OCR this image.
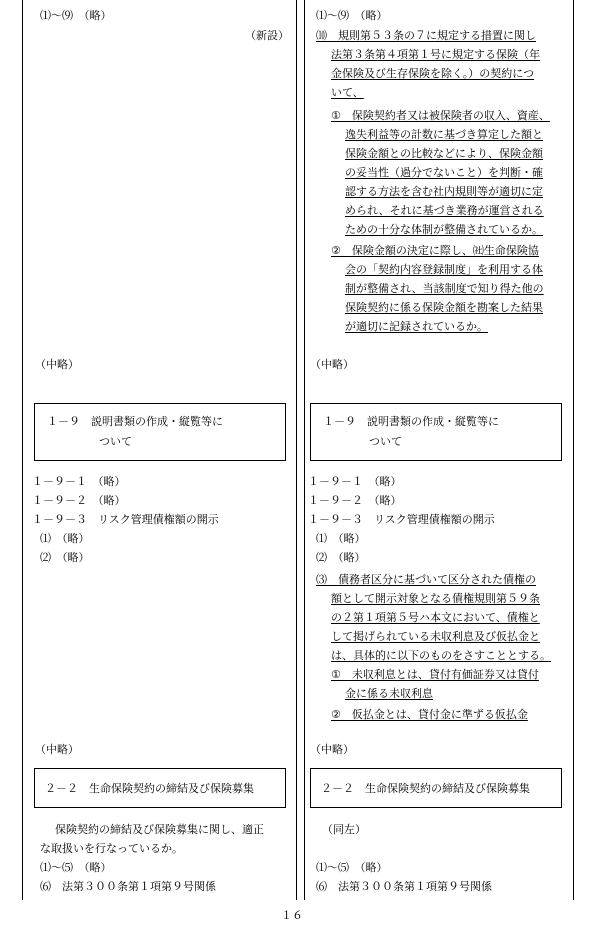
⑴～⑼　（略）
（新設）
（中略）
１－９　説明書類の作成・縦覧等に
ついて
１－９－１　（略）
１－９－２　（略）
１－９－３　リスク管理債権額の開示
⑴　（略）
⑵　（略）
（中略）
２－２　生命保険契約の締結及び保険募集
保険契約の締結及び保険募集に関し、適正
な取扱いを行なっているか。
⑴～⑸　（略）
⑹　法第３００条第１項第９号関係
⑴～⑼　（略）
⑽　規則第５３条の７に規定する措置に関し
法第３条第４項第１号に規定する保険（年
金保険及び生存保険を除く。）の契約につ
いて、
①　保険契約者又は被保険者の収入、資産、
逸失利益等の計数に基づき算定した額と
保険金額との比較などにより、保険金額
の妥当性（過分でないこと）を判断・確
認する方法を含む社内規則等が適切に定
められ、それに基づき業務が運営される
ための十分な体制が整備されているか。
②　保険金額の決定に際し、㈳生命保険協
会の「契約内容登録制度」を利用する体
制が整備され、当該制度で知り得た他の
保険契約に係る保険金額を勘案した結果
が適切に記録されているか。
（中略）
１－９　説明書類の作成・縦覧等に
ついて
１－９－１　（略）
１－９－２　（略）
１－９－３　リスク管理債権額の開示
⑴　（略）
⑵　（略）
⑶　債務者区分に基づいて区分された債権の
額として開示対象となる債権規則第５９条
の２第１項第５号ハ本文において、債権と
して掲げられている未収利息及び仮払金と
は、具体的に以下のものをさすこととする。
①　未収利息とは、貸付有価証券又は貸付
金に係る未収利息
②　仮払金とは、貸付金に準ずる仮払金
（中略）
２－２　生命保険契約の締結及び保険募集
（同左）
⑴～⑸　（略）
⑹　法第３００条第１項第９号関係
１６
